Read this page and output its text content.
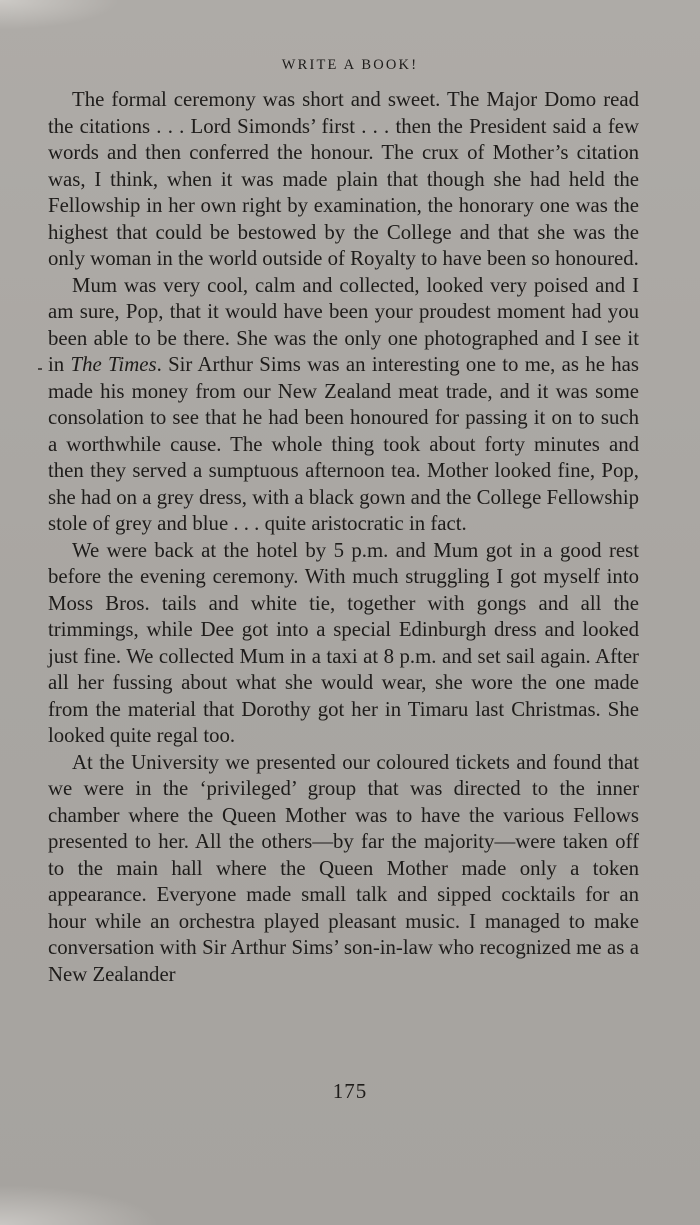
WRITE A BOOK!

The formal ceremony was short and sweet. The Major Domo read the citations . . . Lord Simonds’ first . . . then the President said a few words and then conferred the honour. The crux of Mother’s citation was, I think, when it was made plain that though she had held the Fellowship in her own right by examination, the honorary one was the highest that could be bestowed by the College and that she was the only woman in the world outside of Royalty to have been so honoured.

Mum was very cool, calm and collected, looked very poised and I am sure, Pop, that it would have been your proudest moment had you been able to be there. She was the only one photographed and I see it in The Times. Sir Arthur Sims was an interesting one to me, as he has made his money from our New Zealand meat trade, and it was some consolation to see that he had been honoured for passing it on to such a worthwhile cause. The whole thing took about forty minutes and then they served a sumptuous afternoon tea. Mother looked fine, Pop, she had on a grey dress, with a black gown and the College Fellowship stole of grey and blue . . . quite aristocratic in fact.

We were back at the hotel by 5 p.m. and Mum got in a good rest before the evening ceremony. With much struggling I got myself into Moss Bros. tails and white tie, together with gongs and all the trimmings, while Dee got into a special Edinburgh dress and looked just fine. We collected Mum in a taxi at 8 p.m. and set sail again. After all her fussing about what she would wear, she wore the one made from the material that Dorothy got her in Timaru last Christmas. She looked quite regal too.

At the University we presented our coloured tickets and found that we were in the ‘privileged’ group that was directed to the inner chamber where the Queen Mother was to have the various Fellows presented to her. All the others—by far the majority—were taken off to the main hall where the Queen Mother made only a token appearance. Everyone made small talk and sipped cocktails for an hour while an orchestra played pleasant music. I managed to make conversation with Sir Arthur Sims’ son-in-law who recognized me as a New Zealander

175
